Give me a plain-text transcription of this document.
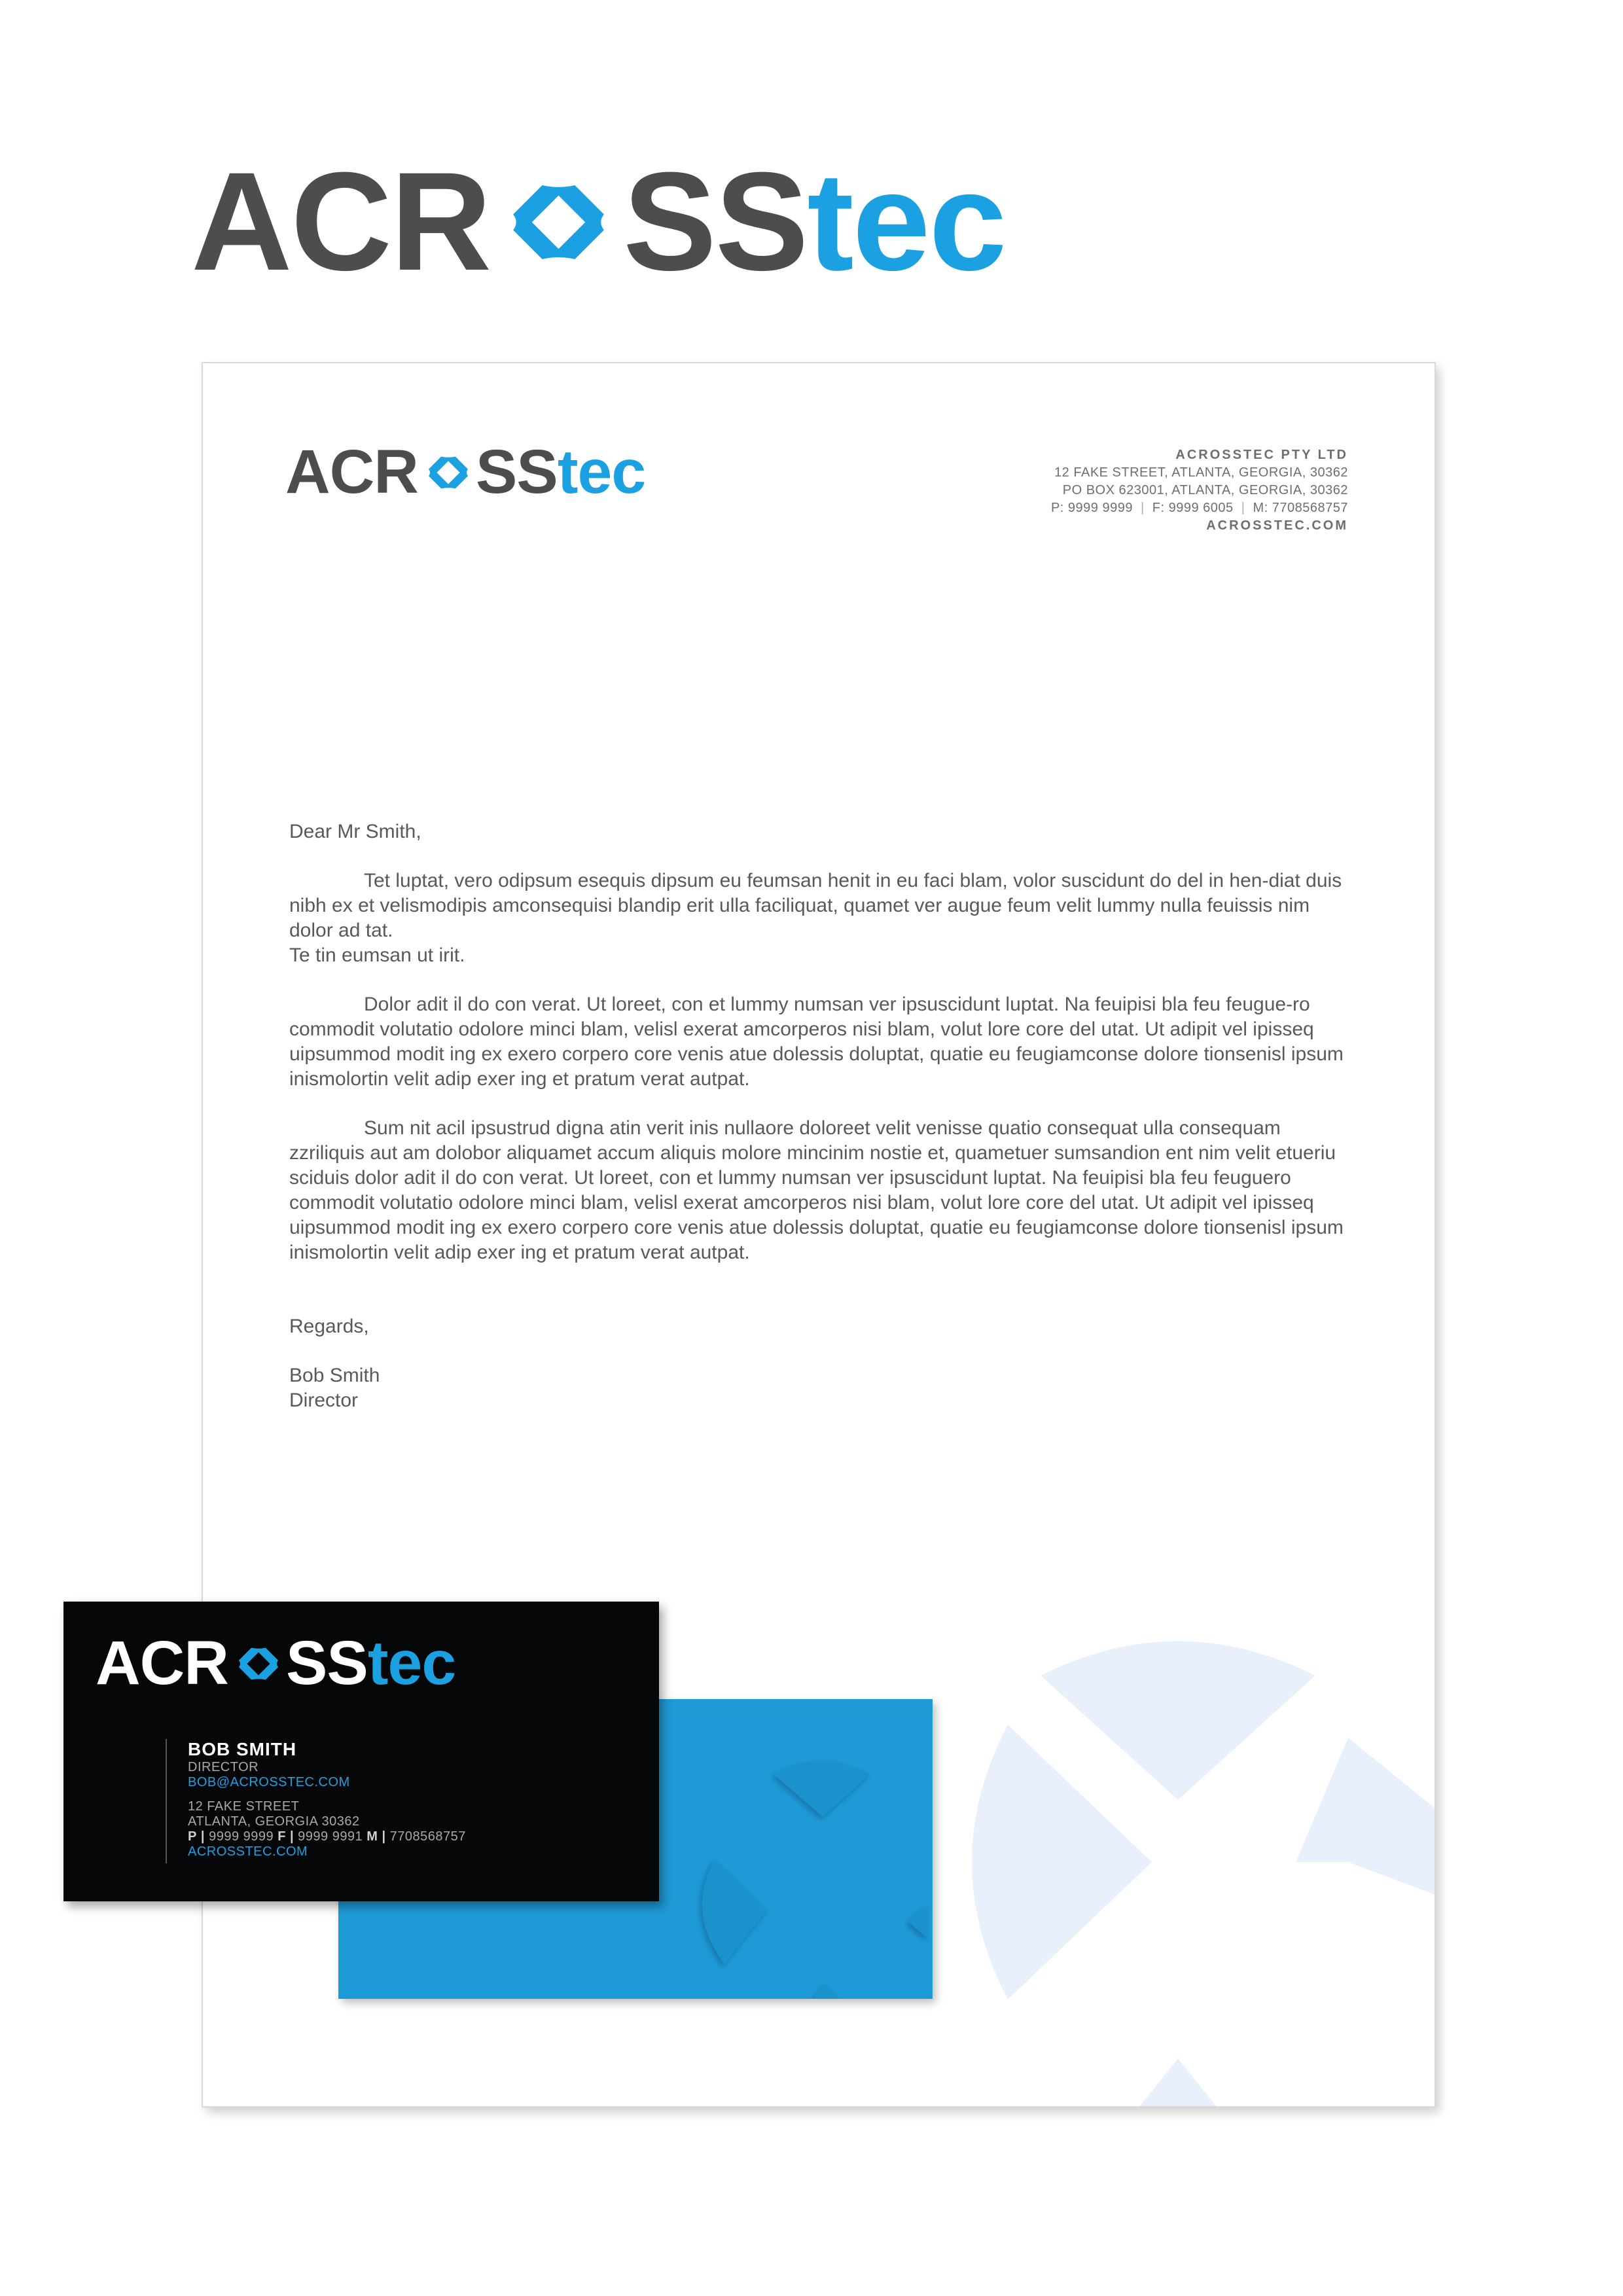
ACR SS tec
ACR SS tec	ACROSSTEC PTY LTD
12 FAKE STREET, ATLANTA, GEORGIA, 30362
PO BOX 623001, ATLANTA, GEORGIA, 30362
P: 9999 9999 | F: 9999 6005 | M: 7708568757
ACROSSTEC.COM

Dear Mr Smith,

Tet luptat, vero odipsum esequis dipsum eu feumsan henit in eu faci blam, volor suscidunt do del in hen-diat duis nibh ex et velismodipis amconsequisi blandip erit ulla faciliquat, quamet ver augue feum velit lummy nulla feuissis nim dolor ad tat.

Te tin eumsan ut irit.

Dolor adit il do con verat. Ut loreet, con et lummy numsan ver ipsuscidunt luptat. Na feuipisi bla feu feugue-ro commodit volutatio odolore minci blam, velisl exerat amcorperos nisi blam, volut lore core del utat. Ut adipit vel ipisseq uipsummod modit ing ex exero corpero core venis atue dolessis doluptat, quatie eu feugiamconse dolore tionsenisl ipsum inismolortin velit adip exer ing et pratum verat autpat.

Sum nit acil ipsustrud digna atin verit inis nullaore doloreet velit venisse quatio consequat ulla consequam zzriliquis aut am dolobor aliquamet accum aliquis molore mincinim nostie et, quametuer sumsandion ent nim velit etueriu sciduis dolor adit il do con verat. Ut loreet, con et lummy numsan ver ipsuscidunt luptat. Na feuipisi bla feu feuguero commodit volutatio odolore minci blam, velisl exerat amcorperos nisi blam, volut lore core del utat. Ut adipit vel ipisseq uipsummod modit ing ex exero corpero core venis atue dolessis doluptat, quatie eu feugiamconse dolore tionsenisl ipsum inismolortin velit adip exer ing et pratum verat autpat.

Regards,

Bob Smith

Director

ACR SS tec
BOB SMITH
DIRECTOR
BOB@ACROSSTEC.COM
12 FAKE STREET
ATLANTA, GEORGIA 30362
P | 9999 9999 F | 9999 9991 M | 7708568757
ACROSSTEC.COM
